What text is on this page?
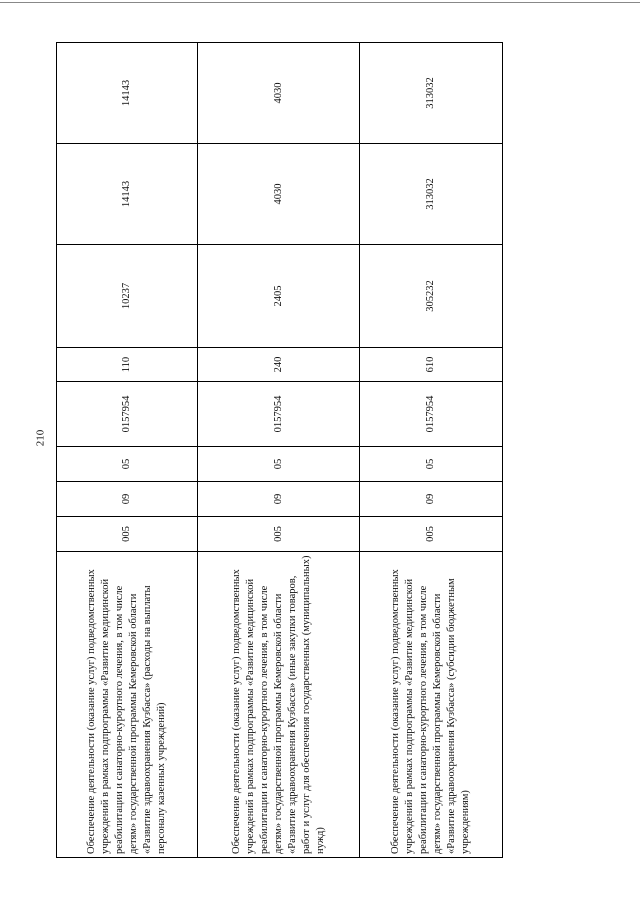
210
Обеспечение деятельности (оказание услуг) подведомственных учреждений в рамках подпрограммы «Развитие медицинской реабилитации и санаторно-курортного лечения, в том числе детям» государственной программы Кемеровской области «Развитие здравоохранения Кузбасса» (расходы на выплаты персоналу казенных учреждений)	005	09	05	0157954	110	10237	14143	14143
Обеспечение деятельности (оказание услуг) подведомственных учреждений в рамках подпрограммы «Развитие медицинской реабилитации и санаторно-курортного лечения, в том числе детям» государственной программы Кемеровской области «Развитие здравоохранения Кузбасса» (иные закупки товаров, работ и услуг для обеспечения государственных (муниципальных) нужд)	005	09	05	0157954	240	2405	4030	4030
Обеспечение деятельности (оказание услуг) подведомственных учреждений в рамках подпрограммы «Развитие медицинской реабилитации и санаторно-курортного лечения, в том числе детям» государственной программы Кемеровской области «Развитие здравоохранения Кузбасса» (субсидии бюджетным учреждениям)	005	09	05	0157954	610	305232	313032	313032
